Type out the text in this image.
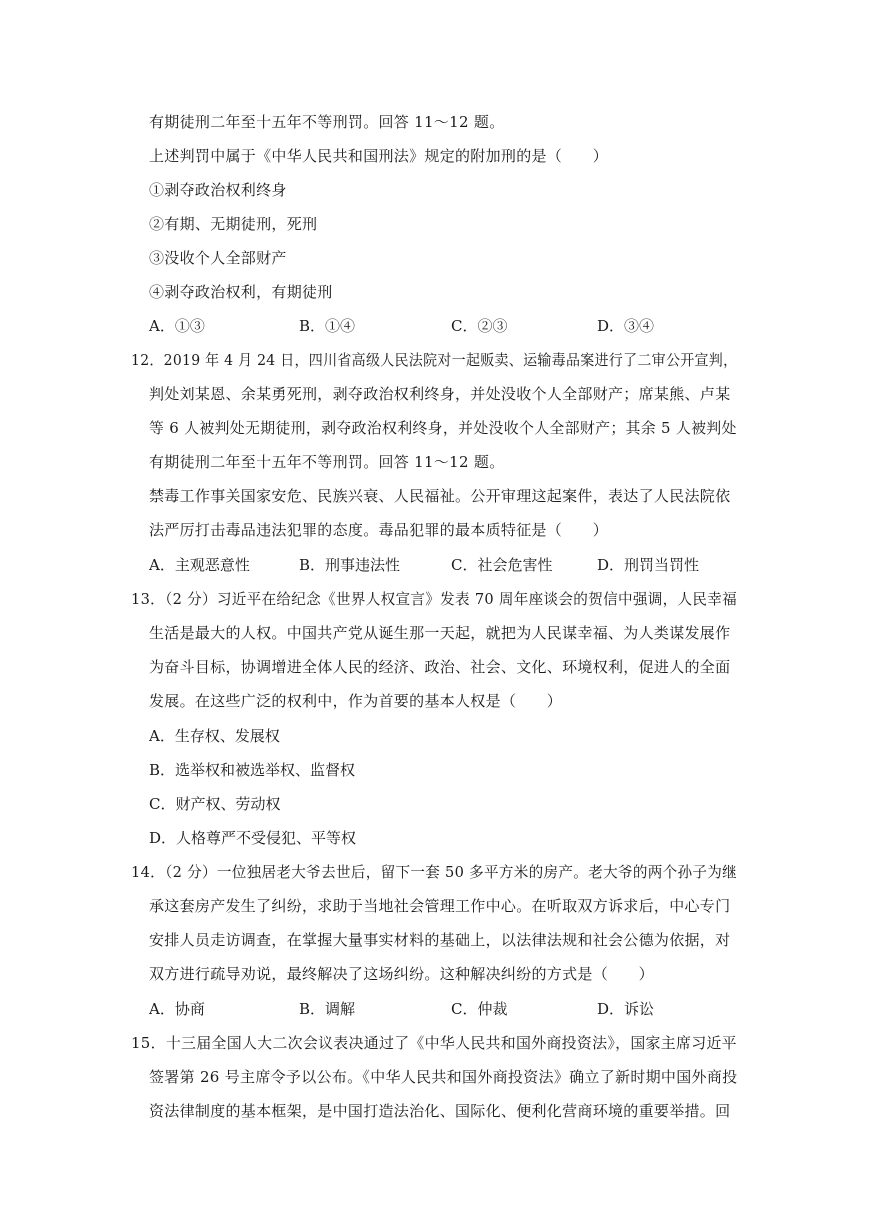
有期徒刑二年至十五年不等刑罚。回答 11～12 题。
上述判罚中属于《中华人民共和国刑法》规定的附加刑的是（　　）
①剥夺政治权利终身
②有期、无期徒刑，死刑
③没收个人全部财产
④剥夺政治权利，有期徒刑
A．①③	B．①④	C．②③	D．③④
12．2019 年 4 月 24 日，四川省高级人民法院对一起贩卖、运输毒品案进行了二审公开宣判，
判处刘某恩、余某勇死刑，剥夺政治权利终身，并处没收个人全部财产；席某熊、卢某
等 6 人被判处无期徒刑，剥夺政治权利终身，并处没收个人全部财产；其余 5 人被判处
有期徒刑二年至十五年不等刑罚。回答 11～12 题。
禁毒工作事关国家安危、民族兴衰、人民福祉。公开审理这起案件，表达了人民法院依
法严厉打击毒品违法犯罪的态度。毒品犯罪的最本质特征是（　　）
A．主观恶意性	B．刑事违法性	C．社会危害性	D．刑罚当罚性
13．（2 分）习近平在给纪念《世界人权宣言》发表 70 周年座谈会的贺信中强调，人民幸福
生活是最大的人权。中国共产党从诞生那一天起，就把为人民谋幸福、为人类谋发展作
为奋斗目标，协调增进全体人民的经济、政治、社会、文化、环境权利，促进人的全面
发展。在这些广泛的权利中，作为首要的基本人权是（　　）
A．生存权、发展权
B．选举权和被选举权、监督权
C．财产权、劳动权
D．人格尊严不受侵犯、平等权
14．（2 分）一位独居老大爷去世后，留下一套 50 多平方米的房产。老大爷的两个孙子为继
承这套房产发生了纠纷，求助于当地社会管理工作中心。在听取双方诉求后，中心专门
安排人员走访调查，在掌握大量事实材料的基础上，以法律法规和社会公德为依据，对
双方进行疏导劝说，最终解决了这场纠纷。这种解决纠纷的方式是（　　）
A．协商	B．调解	C．仲裁	D．诉讼
15．十三届全国人大二次会议表决通过了《中华人民共和国外商投资法》，国家主席习近平
签署第 26 号主席令予以公布。《中华人民共和国外商投资法》确立了新时期中国外商投
资法律制度的基本框架，是中国打造法治化、国际化、便利化营商环境的重要举措。回
